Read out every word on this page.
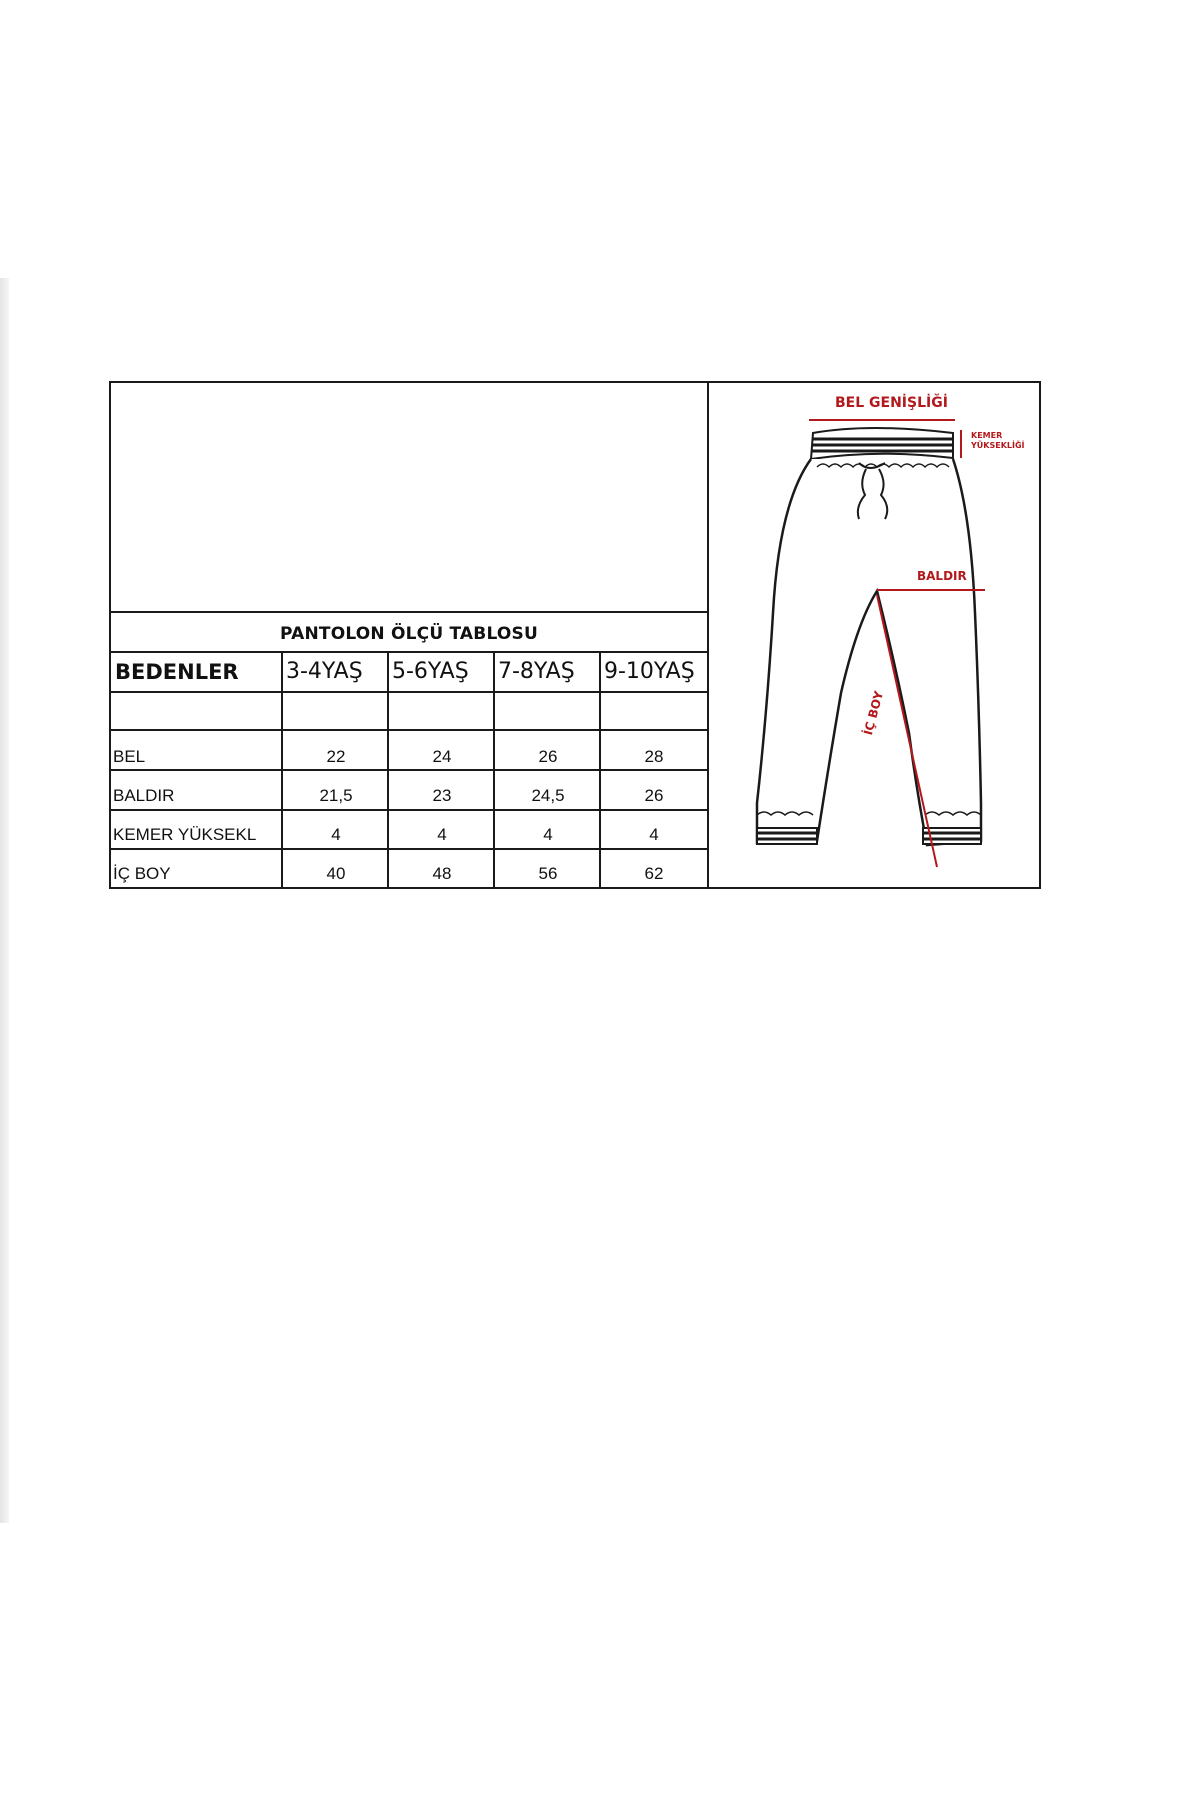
PANTOLON ÖLÇÜ TABLOSU
BEDENLER	3-4YAŞ	5-6YAŞ	7-8YAŞ	9-10YAŞ
BEL	22	24	26	28
BALDIR	21,5	23	24,5	26
KEMER YÜKSEKL	4	4	4	4
İÇ BOY	40	48	56	62
BEL GENİŞLİĞİ
KEMER
YÜKSEKLİĞİ
BALDIR
İÇ BOY
